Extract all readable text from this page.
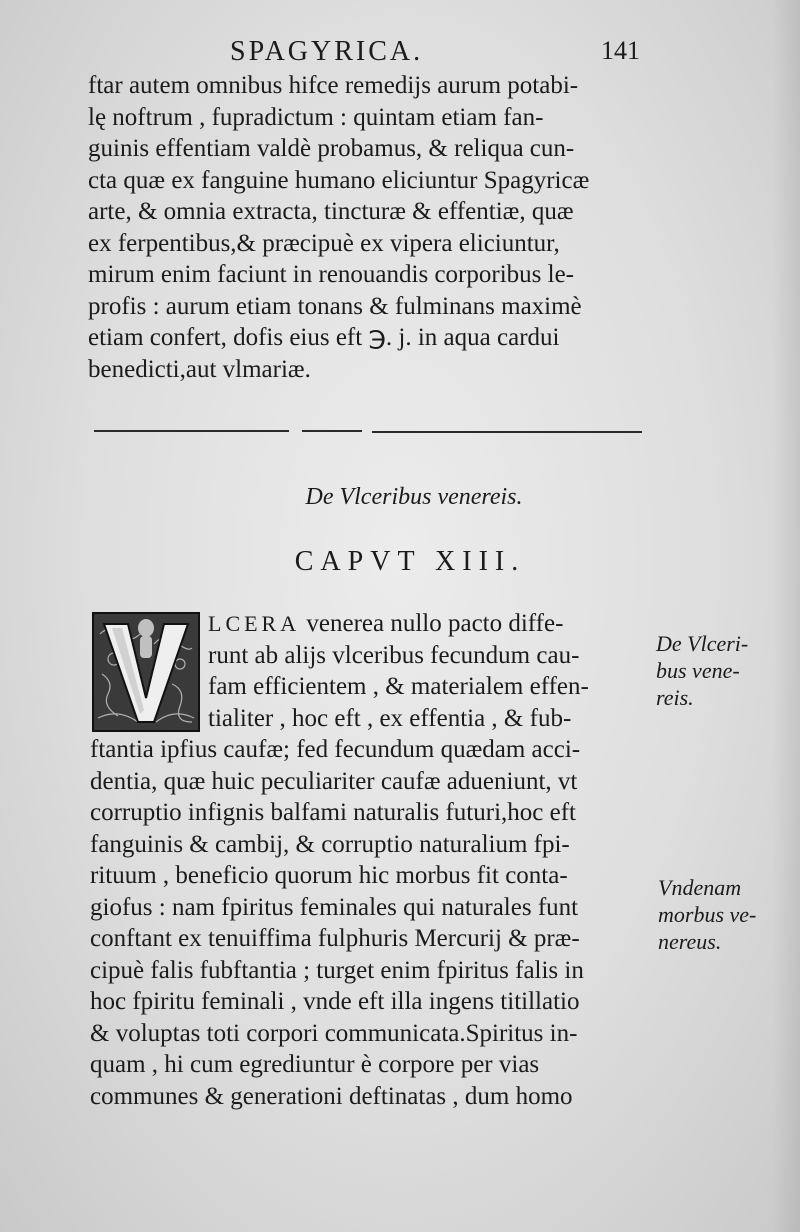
SPAGYRICA.	141
ftar autem omnibus hifce remedijs aurum potabi-
lę noftrum , fupradictum : quintam etiam fan-
guinis effentiam valdè probamus, & reliqua cun-
cta quæ ex fanguine humano eliciuntur Spagyricæ
arte, & omnia extracta, tincturæ & effentiæ, quæ
ex ferpentibus,& præcipuè ex vipera eliciuntur,
mirum enim faciunt in renouandis corporibus le-
profis : aurum etiam tonans & fulminans maximè
etiam confert, dofis eius eft ℈. j. in aqua cardui
benedicti,aut vlmariæ.
De Vlceribus venereis.
CAPVT XIII.
LCERA venerea nullo pacto diffe-
runt ab alijs vlceribus fecundum cau-
fam efficientem , & materialem effen-
tialiter , hoc eft , ex effentia , & fub-
ftantia ipfius caufæ; fed fecundum quædam acci-
dentia, quæ huic peculiariter caufæ adueniunt, vt
corruptio infignis balfami naturalis futuri,hoc eft
fanguinis & cambij, & corruptio naturalium fpi-
rituum , beneficio quorum hic morbus fit conta-
giofus : nam fpiritus feminales qui naturales funt
conftant ex tenuiffima fulphuris Mercurij & præ-
cipuè falis fubftantia ; turget enim fpiritus falis in
hoc fpiritu feminali , vnde eft illa ingens titillatio
& voluptas toti corpori communicata.Spiritus in-
quam , hi cum egrediuntur è corpore per vias
communes & generationi deftinatas , dum homo
De Vlceri-
bus vene-
reis.
Vndenam
morbus ve-
nereus.
